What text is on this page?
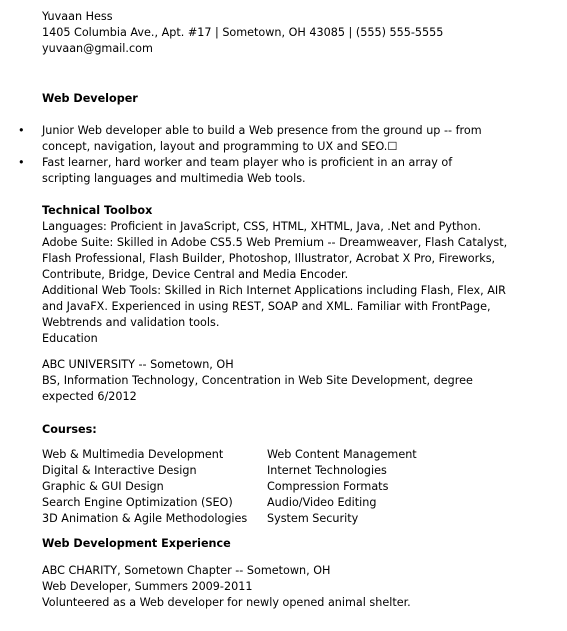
Yuvaan Hess
1405 Columbia Ave., Apt. #17 | Sometown, OH 43085 | (555) 555-5555
yuvaan@gmail.com
Web Developer
• Junior Web developer able to build a Web presence from the ground up -- from
concept, navigation, layout and programming to UX and SEO.☐
• Fast learner, hard worker and team player who is proficient in an array of
scripting languages and multimedia Web tools.
Technical Toolbox
Languages: Proficient in JavaScript, CSS, HTML, XHTML, Java, .Net and Python.
Adobe Suite: Skilled in Adobe CS5.5 Web Premium -- Dreamweaver, Flash Catalyst,
Flash Professional, Flash Builder, Photoshop, Illustrator, Acrobat X Pro, Fireworks,
Contribute, Bridge, Device Central and Media Encoder.
Additional Web Tools: Skilled in Rich Internet Applications including Flash, Flex, AIR
and JavaFX. Experienced in using REST, SOAP and XML. Familiar with FrontPage,
Webtrends and validation tools.
Education
ABC UNIVERSITY -- Sometown, OH
BS, Information Technology, Concentration in Web Site Development, degree
expected 6/2012
Courses:
Web & Multimedia Development
Digital & Interactive Design
Graphic & GUI Design
Search Engine Optimization (SEO)
3D Animation & Agile Methodologies
Web Content Management
Internet Technologies
Compression Formats
Audio/Video Editing
System Security
Web Development Experience
ABC CHARITY, Sometown Chapter -- Sometown, OH
Web Developer, Summers 2009-2011
Volunteered as a Web developer for newly opened animal shelter.
